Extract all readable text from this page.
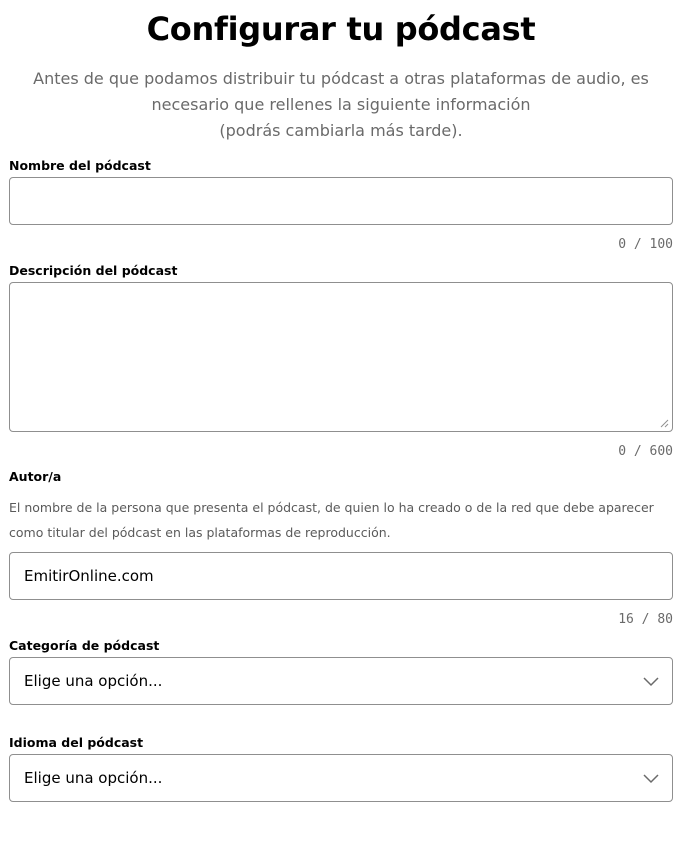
Configurar tu pódcast

Antes de que podamos distribuir tu pódcast a otras plataformas de audio, es
necesario que rellenes la siguiente información
(podrás cambiarla más tarde).

Nombre del pódcast
0 / 100
Descripción del pódcast
0 / 600
Autor/a
El nombre de la persona que presenta el pódcast, de quien lo ha creado o de la red que debe aparecer
como titular del pódcast en las plataformas de reproducción.
EmitirOnline.com
16 / 80
Categoría de pódcast
Elige una opción...
Idioma del pódcast
Elige una opción...
